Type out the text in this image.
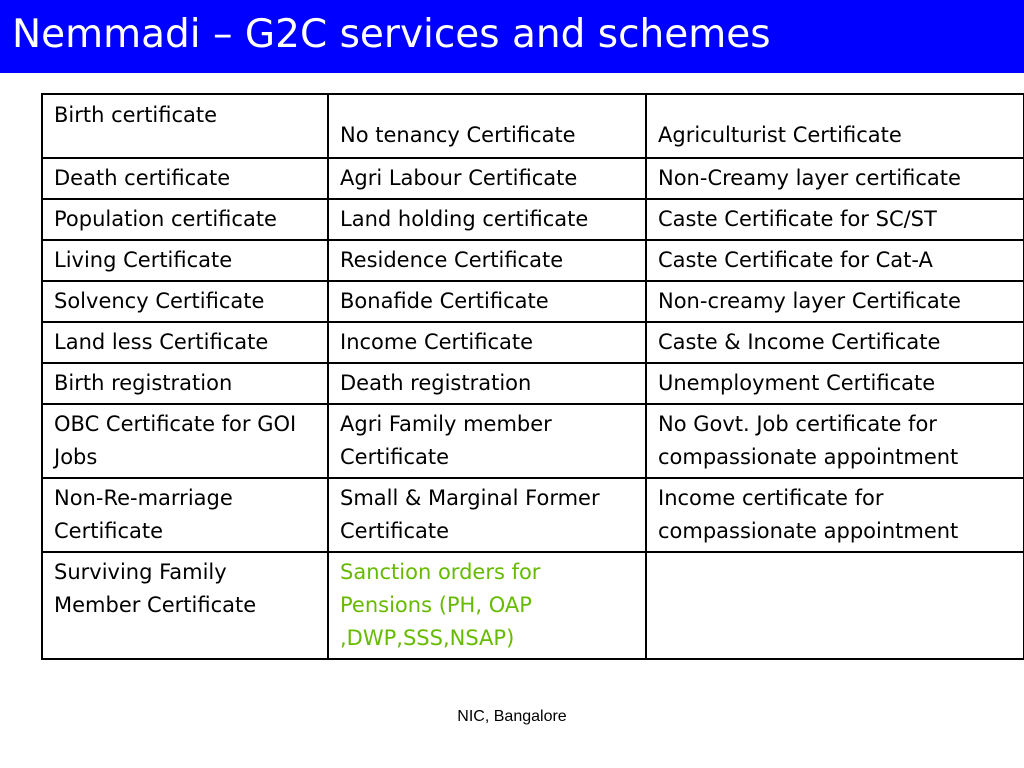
Nemmadi – G2C services and schemes
Birth certificate	No tenancy Certificate	Agriculturist Certificate
Death certificate	Agri Labour Certificate	Non-Creamy layer certificate
Population certificate	Land holding certificate	Caste Certificate for SC/ST
Living Certificate	Residence Certificate	Caste Certificate for Cat-A
Solvency Certificate	Bonafide Certificate	Non-creamy layer Certificate
Land less Certificate	Income Certificate	Caste & Income Certificate
Birth registration	Death registration	Unemployment Certificate
OBC Certificate for GOI Jobs	Agri Family member Certificate	No Govt. Job certificate for compassionate appointment
Non-Re-marriage Certificate	Small & Marginal Former Certificate	Income certificate for compassionate appointment
Surviving Family Member Certificate	Sanction orders for Pensions (PH, OAP ,DWP,SSS,NSAP)	
NIC, Bangalore
